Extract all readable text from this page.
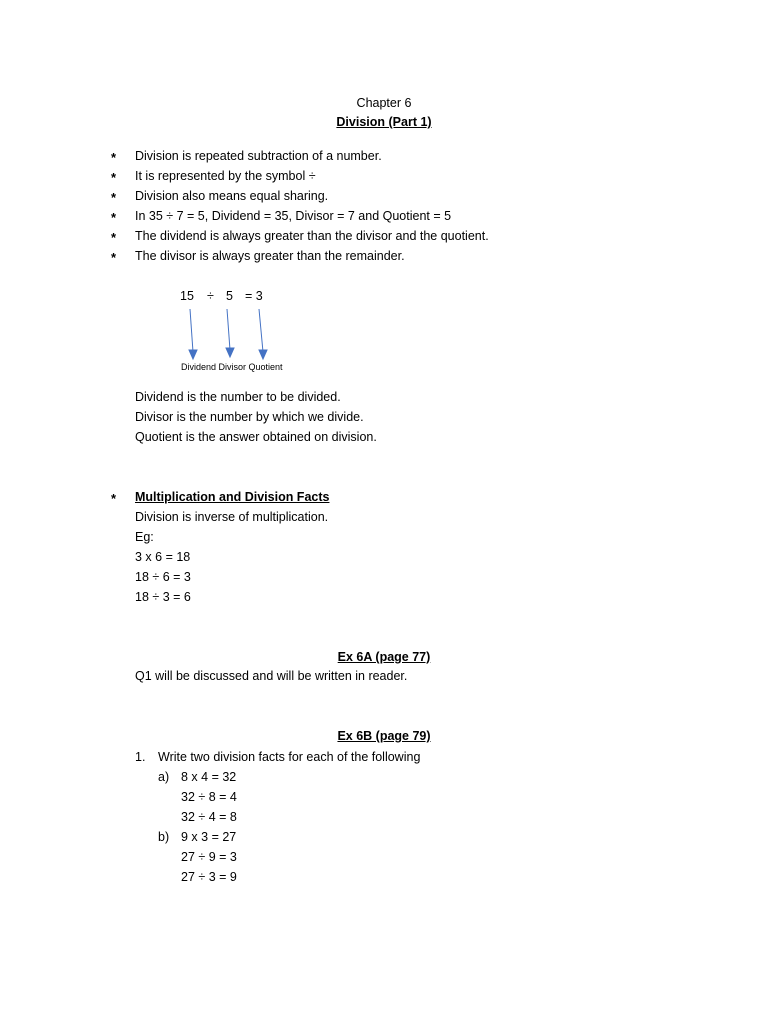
Chapter 6
Division (Part 1)
* Division is repeated subtraction of a number.
* It is represented by the symbol ÷
* Division also means equal sharing.
* In 35 ÷ 7 = 5, Dividend = 35, Divisor = 7 and Quotient = 5
* The dividend is always greater than the divisor and the quotient.
* The divisor is always greater than the remainder.
15 ÷ 5 = 3
Dividend Divisor Quotient
Dividend is the number to be divided.
Divisor is the number by which we divide.
Quotient is the answer obtained on division.
* Multiplication and Division Facts
Division is inverse of multiplication.
Eg:
3 x 6 = 18
18 ÷ 6 = 3
18 ÷ 3 = 6
Ex 6A (page 77)
Q1 will be discussed and will be written in reader.
Ex 6B (page 79)
1. Write two division facts for each of the following
a) 8 x 4 = 32
32 ÷ 8 = 4
32 ÷ 4 = 8
b) 9 x 3 = 27
27 ÷ 9 = 3
27 ÷ 3 = 9
